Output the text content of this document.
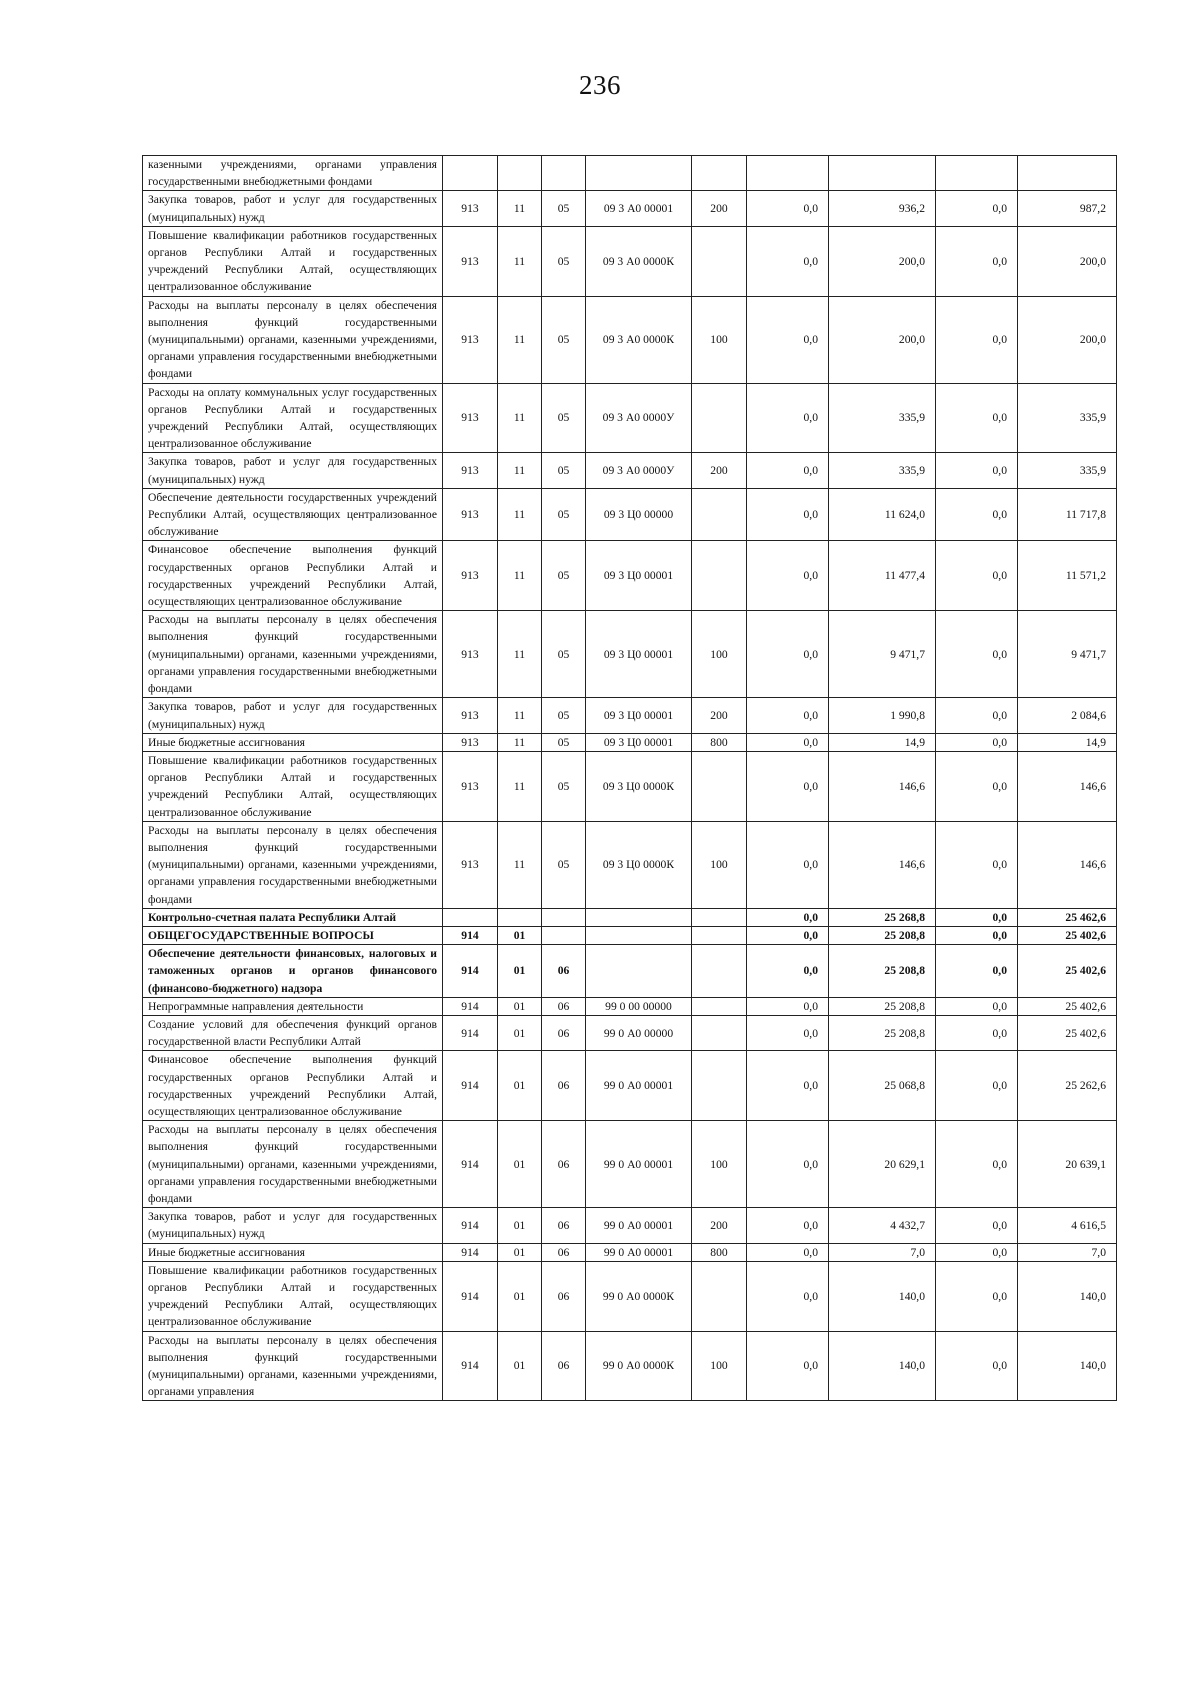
236
казенными учреждениями, органами управления государственными внебюджетными фондами									
Закупка товаров, работ и услуг для государственных (муниципальных) нужд	913	11	05	09 3 А0 00001	200	0,0	936,2	0,0	987,2
Повышение квалификации работников государственных органов Республики Алтай и государственных учреждений Республики Алтай, осуществляющих централизованное обслуживание	913	11	05	09 3 А0 0000К		0,0	200,0	0,0	200,0
Расходы на выплаты персоналу в целях обеспечения выполнения функций государственными (муниципальными) органами, казенными учреждениями, органами управления государственными внебюджетными фондами	913	11	05	09 3 А0 0000К	100	0,0	200,0	0,0	200,0
Расходы на оплату коммунальных услуг государственных органов Республики Алтай и государственных учреждений Республики Алтай, осуществляющих централизованное обслуживание	913	11	05	09 3 А0 0000У		0,0	335,9	0,0	335,9
Закупка товаров, работ и услуг для государственных (муниципальных) нужд	913	11	05	09 3 А0 0000У	200	0,0	335,9	0,0	335,9
Обеспечение деятельности государственных учреждений Республики Алтай, осуществляющих централизованное обслуживание	913	11	05	09 3 Ц0 00000		0,0	11 624,0	0,0	11 717,8
Финансовое обеспечение выполнения функций государственных органов Республики Алтай и государственных учреждений Республики Алтай, осуществляющих централизованное обслуживание	913	11	05	09 3 Ц0 00001		0,0	11 477,4	0,0	11 571,2
Расходы на выплаты персоналу в целях обеспечения выполнения функций государственными (муниципальными) органами, казенными учреждениями, органами управления государственными внебюджетными фондами	913	11	05	09 3 Ц0 00001	100	0,0	9 471,7	0,0	9 471,7
Закупка товаров, работ и услуг для государственных (муниципальных) нужд	913	11	05	09 3 Ц0 00001	200	0,0	1 990,8	0,0	2 084,6
Иные бюджетные ассигнования	913	11	05	09 3 Ц0 00001	800	0,0	14,9	0,0	14,9
Повышение квалификации работников государственных органов Республики Алтай и государственных учреждений Республики Алтай, осуществляющих централизованное обслуживание	913	11	05	09 3 Ц0 0000К		0,0	146,6	0,0	146,6
Расходы на выплаты персоналу в целях обеспечения выполнения функций государственными (муниципальными) органами, казенными учреждениями, органами управления государственными внебюджетными фондами	913	11	05	09 3 Ц0 0000К	100	0,0	146,6	0,0	146,6
Контрольно-счетная палата Республики Алтай						0,0	25 268,8	0,0	25 462,6
ОБЩЕГОСУДАРСТВЕННЫЕ ВОПРОСЫ	914	01				0,0	25 208,8	0,0	25 402,6
Обеспечение деятельности финансовых, налоговых и таможенных органов и органов финансового (финансово-бюджетного) надзора	914	01	06			0,0	25 208,8	0,0	25 402,6
Непрограммные направления деятельности	914	01	06	99 0 00 00000		0,0	25 208,8	0,0	25 402,6
Создание условий для обеспечения функций органов государственной власти Республики Алтай	914	01	06	99 0 А0 00000		0,0	25 208,8	0,0	25 402,6
Финансовое обеспечение выполнения функций государственных органов Республики Алтай и государственных учреждений Республики Алтай, осуществляющих централизованное обслуживание	914	01	06	99 0 А0 00001		0,0	25 068,8	0,0	25 262,6
Расходы на выплаты персоналу в целях обеспечения выполнения функций государственными (муниципальными) органами, казенными учреждениями, органами управления государственными внебюджетными фондами	914	01	06	99 0 А0 00001	100	0,0	20 629,1	0,0	20 639,1
Закупка товаров, работ и услуг для государственных (муниципальных) нужд	914	01	06	99 0 А0 00001	200	0,0	4 432,7	0,0	4 616,5
Иные бюджетные ассигнования	914	01	06	99 0 А0 00001	800	0,0	7,0	0,0	7,0
Повышение квалификации работников государственных органов Республики Алтай и государственных учреждений Республики Алтай, осуществляющих централизованное обслуживание	914	01	06	99 0 А0 0000К		0,0	140,0	0,0	140,0
Расходы на выплаты персоналу в целях обеспечения выполнения функций государственными (муниципальными) органами, казенными учреждениями, органами управления	914	01	06	99 0 А0 0000К	100	0,0	140,0	0,0	140,0
